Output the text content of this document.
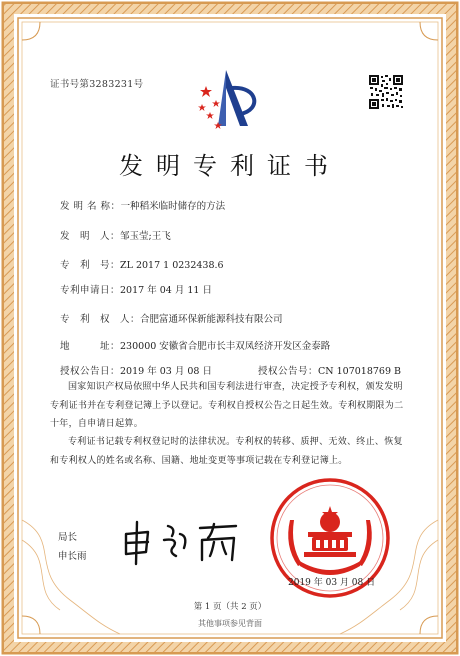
证书号第3283231号
发明专利证书
发 明 名 称：一种稻米临时储存的方法
发　明　人：邹玉莹;王飞
专　利　号：ZL 2017 1 0232438.6
专利申请日：2017 年 04 月 11 日
专　利　权　人：合肥富通环保新能源科技有限公司
地　　　址：230000 安徽省合肥市长丰双凤经济开发区金泰路
授权公告日：2019 年 03 月 08 日	授权公告号：CN 107018769 B
国家知识产权局依照中华人民共和国专利法进行审查，决定授予专利权，颁发发明专利证书并在专利登记簿上予以登记。专利权自授权公告之日起生效。专利权期限为二十年，自申请日起算。
专利证书记载专利权登记时的法律状况。专利权的转移、质押、无效、终止、恢复和专利权人的姓名或名称、国籍、地址变更等事项记载在专利登记簿上。
局长
申长雨
2019 年 03 月 08 日
第 1 页（共 2 页）
其他事项参见背面
